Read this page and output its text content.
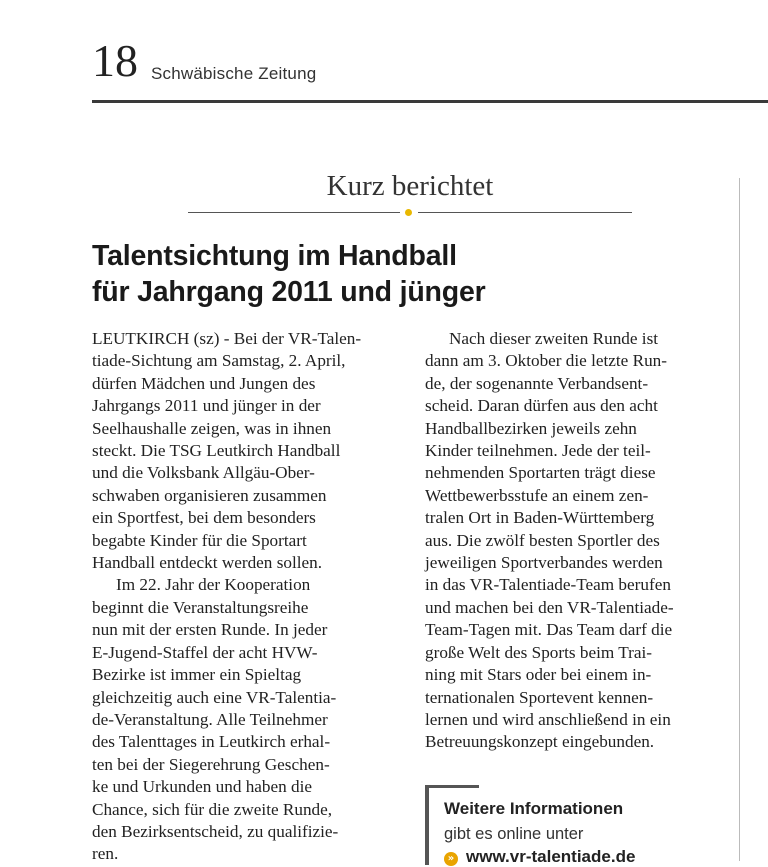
18 Schwäbische Zeitung
Kurz berichtet
Talentsichtung im Handball
für Jahrgang 2011 und jünger

LEUTKIRCH (sz) - Bei der VR-Talen-
tiade-Sichtung am Samstag, 2. April,
dürfen Mädchen und Jungen des
Jahrgangs 2011 und jünger in der
Seelhaushalle zeigen, was in ihnen
steckt. Die TSG Leutkirch Handball
und die Volksbank Allgäu-Ober-
schwaben organisieren zusammen
ein Sportfest, bei dem besonders
begabte Kinder für die Sportart
Handball entdeckt werden sollen.

Im 22. Jahr der Kooperation
beginnt die Veranstaltungsreihe
nun mit der ersten Runde. In jeder
E-Jugend-Staffel der acht HVW-
Bezirke ist immer ein Spieltag
gleichzeitig auch eine VR-Talentia-
de-Veranstaltung. Alle Teilnehmer
des Talenttages in Leutkirch erhal-
ten bei der Siegerehrung Geschen-
ke und Urkunden und haben die
Chance, sich für die zweite Runde,
den Bezirksentscheid, zu qualifizie-
ren.

Nach dieser zweiten Runde ist
dann am 3. Oktober die letzte Run-
de, der sogenannte Verbandsent-
scheid. Daran dürfen aus den acht
Handballbezirken jeweils zehn
Kinder teilnehmen. Jede der teil-
nehmenden Sportarten trägt diese
Wettbewerbsstufe an einem zen-
tralen Ort in Baden-Württemberg
aus. Die zwölf besten Sportler des
jeweiligen Sportverbandes werden
in das VR-Talentiade-Team berufen
und machen bei den VR-Talentiade-
Team-Tagen mit. Das Team darf die
große Welt des Sports beim Trai-
ning mit Stars oder bei einem in-
ternationalen Sportevent kennen-
lernen und wird anschließend in ein
Betreuungskonzept eingebunden.

Weitere Informationen
gibt es online unter
» www.vr-talentiade.de
